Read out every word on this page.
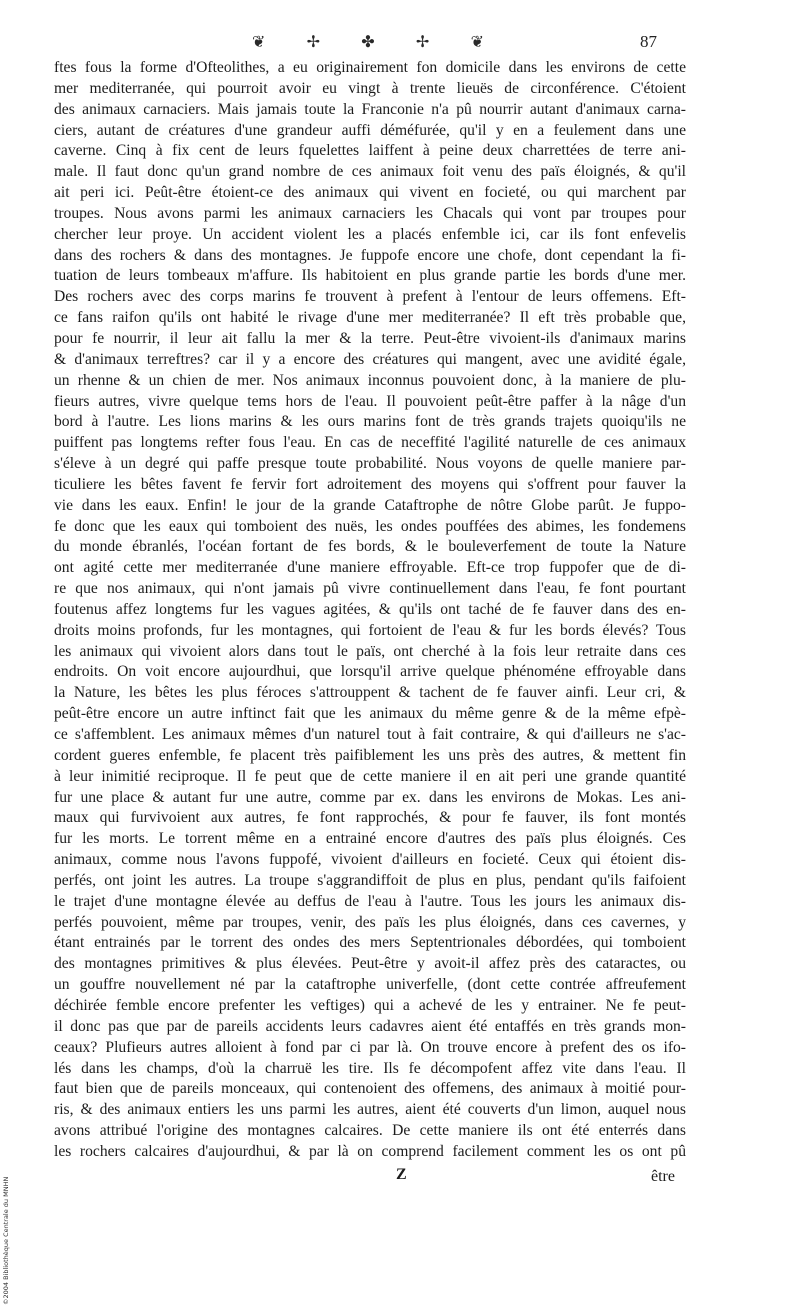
❦	✢	✤	✢	❦	87
ftes fous la forme d'Ofteolithes, a eu originairement fon domicile dans les environs de cette
mer mediterranée, qui pourroit avoir eu vingt à trente lieuës de circonférence. C'étoient
des animaux carnaciers. Mais jamais toute la Franconie n'a pû nourrir autant d'animaux carna-
ciers, autant de créatures d'une grandeur auffi déméfurée, qu'il y en a feulement dans une
caverne. Cinq à fix cent de leurs fquelettes laiffent à peine deux charrettées de terre ani-
male. Il faut donc qu'un grand nombre de ces animaux foit venu des païs éloignés, & qu'il
ait peri ici. Peût-être étoient-ce des animaux qui vivent en focieté, ou qui marchent par
troupes. Nous avons parmi les animaux carnaciers les Chacals qui vont par troupes pour
chercher leur proye. Un accident violent les a placés enfemble ici, car ils font enfevelis
dans des rochers & dans des montagnes. Je fuppofe encore une chofe, dont cependant la fi-
tuation de leurs tombeaux m'affure. Ils habitoient en plus grande partie les bords d'une mer.
Des rochers avec des corps marins fe trouvent à prefent à l'entour de leurs offemens. Eft-
ce fans raifon qu'ils ont habité le rivage d'une mer mediterranée? Il eft très probable que,
pour fe nourrir, il leur ait fallu la mer & la terre. Peut-être vivoient-ils d'animaux marins
& d'animaux terreftres? car il y a encore des créatures qui mangent, avec une avidité égale,
un rhenne & un chien de mer. Nos animaux inconnus pouvoient donc, à la maniere de plu-
fieurs autres, vivre quelque tems hors de l'eau. Il pouvoient peût-être paffer à la nâge d'un
bord à l'autre. Les lions marins & les ours marins font de très grands trajets quoiqu'ils ne
puiffent pas longtems refter fous l'eau. En cas de neceffité l'agilité naturelle de ces animaux
s'éleve à un degré qui paffe presque toute probabilité. Nous voyons de quelle maniere par-
ticuliere les bêtes favent fe fervir fort adroitement des moyens qui s'offrent pour fauver la
vie dans les eaux. Enfin! le jour de la grande Cataftrophe de nôtre Globe parût. Je fuppo-
fe donc que les eaux qui tomboient des nuës, les ondes pouffées des abimes, les fondemens
du monde ébranlés, l'océan fortant de fes bords, & le bouleverfement de toute la Nature
ont agité cette mer mediterranée d'une maniere effroyable. Eft-ce trop fuppofer que de di-
re que nos animaux, qui n'ont jamais pû vivre continuellement dans l'eau, fe font pourtant
foutenus affez longtems fur les vagues agitées, & qu'ils ont taché de fe fauver dans des en-
droits moins profonds, fur les montagnes, qui fortoient de l'eau & fur les bords élevés? Tous
les animaux qui vivoient alors dans tout le païs, ont cherché à la fois leur retraite dans ces
endroits. On voit encore aujourdhui, que lorsqu'il arrive quelque phénoméne effroyable dans
la Nature, les bêtes les plus féroces s'attrouppent & tachent de fe fauver ainfi. Leur cri, &
peût-être encore un autre inftinct fait que les animaux du même genre & de la même efpè-
ce s'affemblent. Les animaux mêmes d'un naturel tout à fait contraire, & qui d'ailleurs ne s'ac-
cordent gueres enfemble, fe placent très paifiblement les uns près des autres, & mettent fin
à leur inimitié reciproque. Il fe peut que de cette maniere il en ait peri une grande quantité
fur une place & autant fur une autre, comme par ex. dans les environs de Mokas. Les ani-
maux qui furvivoient aux autres, fe font rapprochés, & pour fe fauver, ils font montés
fur les morts. Le torrent même en a entrainé encore d'autres des païs plus éloignés. Ces
animaux, comme nous l'avons fuppofé, vivoient d'ailleurs en focieté. Ceux qui étoient dis-
perfés, ont joint les autres. La troupe s'aggrandiffoit de plus en plus, pendant qu'ils faifoient
le trajet d'une montagne élevée au deffus de l'eau à l'autre. Tous les jours les animaux dis-
perfés pouvoient, même par troupes, venir, des païs les plus éloignés, dans ces cavernes, y
étant entrainés par le torrent des ondes des mers Septentrionales débordées, qui tomboient
des montagnes primitives & plus élevées. Peut-être y avoit-il affez près des cataractes, ou
un gouffre nouvellement né par la cataftrophe univerfelle, (dont cette contrée affreufement
déchirée femble encore prefenter les veftiges) qui a achevé de les y entrainer. Ne fe peut-
il donc pas que par de pareils accidents leurs cadavres aient été entaffés en très grands mon-
ceaux? Plufieurs autres alloient à fond par ci par là. On trouve encore à prefent des os ifo-
lés dans les champs, d'où la charruë les tire. Ils fe décompofent affez vite dans l'eau. Il
faut bien que de pareils monceaux, qui contenoient des offemens, des animaux à moitié pour-
ris, & des animaux entiers les uns parmi les autres, aient été couverts d'un limon, auquel nous
avons attribué l'origine des montagnes calcaires. De cette maniere ils ont été enterrés dans
les rochers calcaires d'aujourdhui, & par là on comprend facilement comment les os ont pû
Z	être
©2004 Bibliothèque Centrale du MNHN
